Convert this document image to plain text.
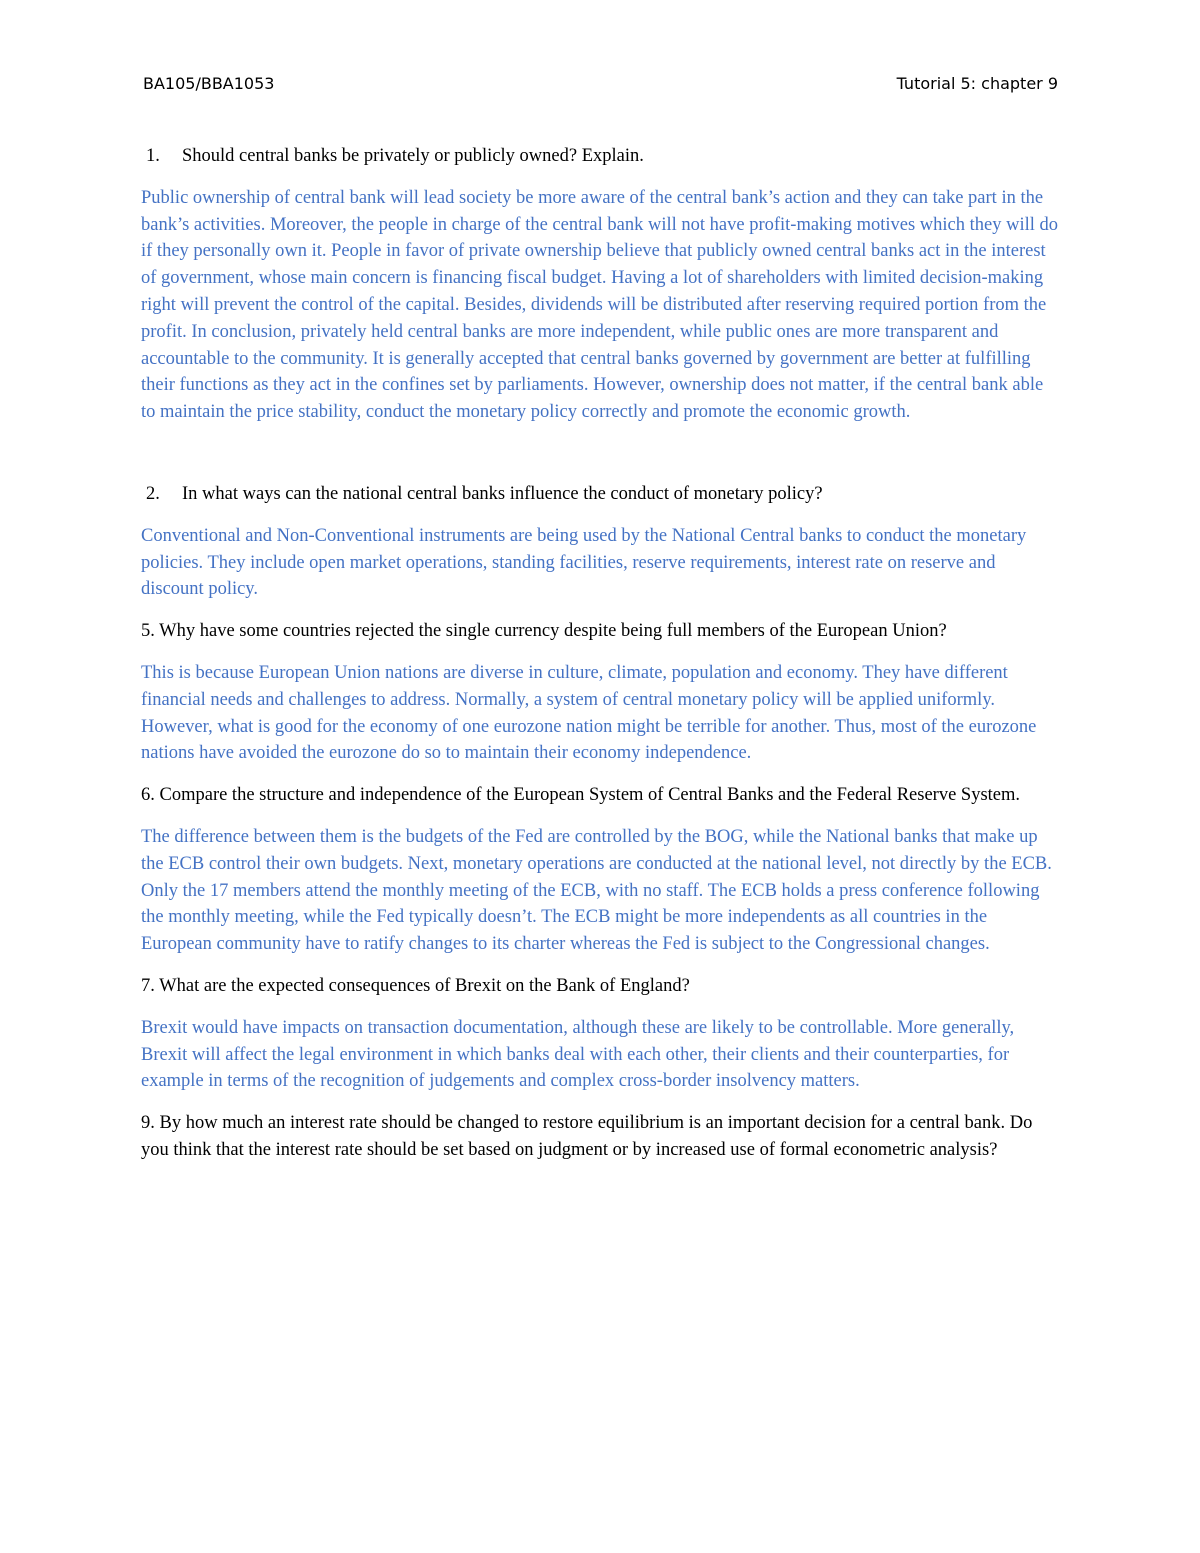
BA105/BBA1053	Tutorial 5: chapter 9

1. Should central banks be privately or publicly owned? Explain.

Public ownership of central bank will lead society be more aware of the central bank’s action and they can take part in the bank’s activities. Moreover, the people in charge of the central bank will not have profit-making motives which they will do if they personally own it. People in favor of private ownership believe that publicly owned central banks act in the interest of government, whose main concern is financing fiscal budget. Having a lot of shareholders with limited decision-making right will prevent the control of the capital. Besides, dividends will be distributed after reserving required portion from the profit. In conclusion, privately held central banks are more independent, while public ones are more transparent and accountable to the community. It is generally accepted that central banks governed by government are better at fulfilling their functions as they act in the confines set by parliaments. However, ownership does not matter, if the central bank able to maintain the price stability, conduct the monetary policy correctly and promote the economic growth.

2. In what ways can the national central banks influence the conduct of monetary policy?

Conventional and Non-Conventional instruments are being used by the National Central banks to conduct the monetary policies. They include open market operations, standing facilities, reserve requirements, interest rate on reserve and discount policy.

5. Why have some countries rejected the single currency despite being full members of the European Union?

This is because European Union nations are diverse in culture, climate, population and economy. They have different financial needs and challenges to address. Normally, a system of central monetary policy will be applied uniformly. However, what is good for the economy of one eurozone nation might be terrible for another. Thus, most of the eurozone nations have avoided the eurozone do so to maintain their economy independence.

6. Compare the structure and independence of the European System of Central Banks and the Federal Reserve System.

The difference between them is the budgets of the Fed are controlled by the BOG, while the National banks that make up the ECB control their own budgets. Next, monetary operations are conducted at the national level, not directly by the ECB. Only the 17 members attend the monthly meeting of the ECB, with no staff. The ECB holds a press conference following the monthly meeting, while the Fed typically doesn’t. The ECB might be more independents as all countries in the European community have to ratify changes to its charter whereas the Fed is subject to the Congressional changes.

7. What are the expected consequences of Brexit on the Bank of England?

Brexit would have impacts on transaction documentation, although these are likely to be controllable. More generally, Brexit will affect the legal environment in which banks deal with each other, their clients and their counterparties, for example in terms of the recognition of judgements and complex cross-border insolvency matters.

9. By how much an interest rate should be changed to restore equilibrium is an important decision for a central bank. Do you think that the interest rate should be set based on judgment or by increased use of formal econometric analysis?
